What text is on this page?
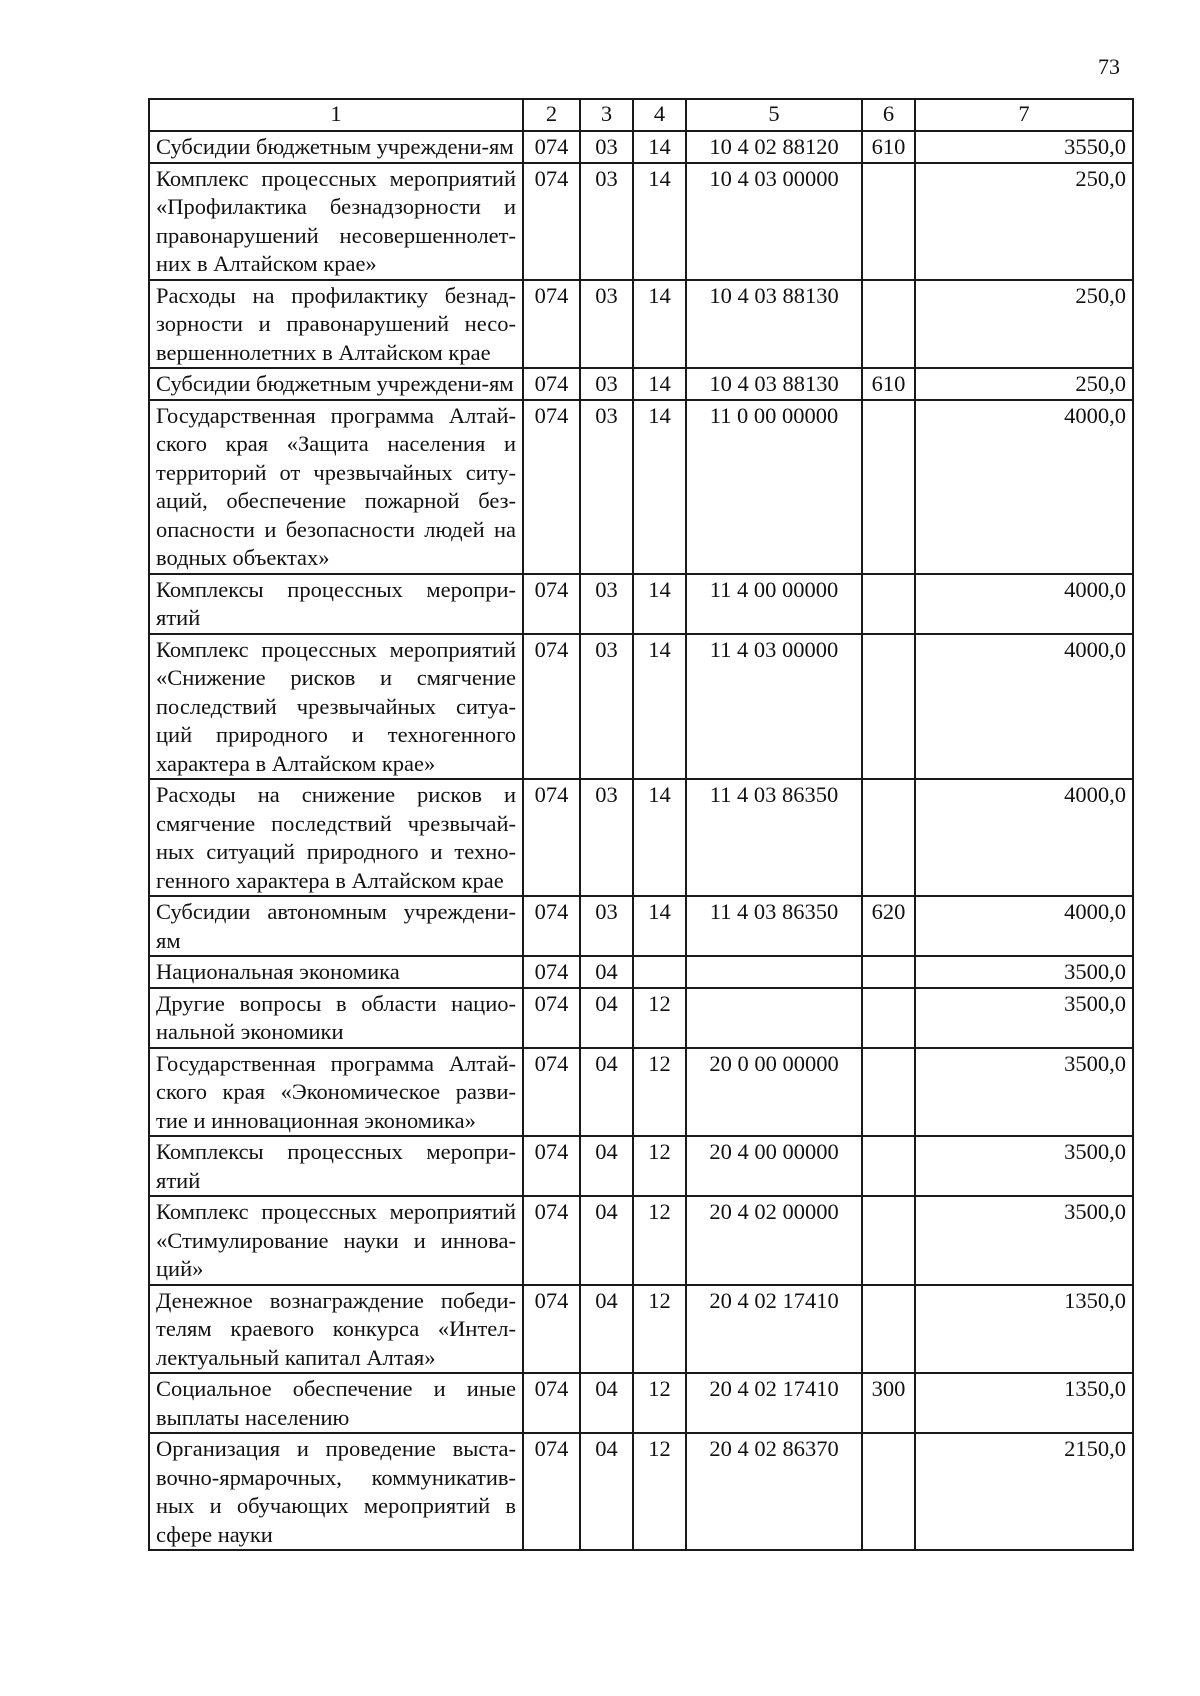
73
1	2	3	4	5	6	7
Субсидии бюджетным учреждени-ям	074	03	14	10 4 02 88120	610	3550,0
Комплекс процессных мероприятий «Профилактика безнадзорности и правонарушений несовершеннолет-них в Алтайском крае»	074	03	14	10 4 03 00000		250,0
Расходы на профилактику безнад-зорности и правонарушений несо-вершеннолетних в Алтайском крае	074	03	14	10 4 03 88130		250,0
Субсидии бюджетным учреждени-ям	074	03	14	10 4 03 88130	610	250,0
Государственная программа Алтай-ского края «Защита населения и территорий от чрезвычайных ситу-аций, обеспечение пожарной без-опасности и безопасности людей на водных объектах»	074	03	14	11 0 00 00000		4000,0
Комплексы процессных меропри-ятий	074	03	14	11 4 00 00000		4000,0
Комплекс процессных мероприятий «Снижение рисков и смягчение последствий чрезвычайных ситуа-ций природного и техногенного характера в Алтайском крае»	074	03	14	11 4 03 00000		4000,0
Расходы на снижение рисков и смягчение последствий чрезвычай-ных ситуаций природного и техно-генного характера в Алтайском крае	074	03	14	11 4 03 86350		4000,0
Субсидии автономным учреждени-ям	074	03	14	11 4 03 86350	620	4000,0
Национальная экономика	074	04				3500,0
Другие вопросы в области нацио-нальной экономики	074	04	12			3500,0
Государственная программа Алтай-ского края «Экономическое разви-тие и инновационная экономика»	074	04	12	20 0 00 00000		3500,0
Комплексы процессных меропри-ятий	074	04	12	20 4 00 00000		3500,0
Комплекс процессных мероприятий «Стимулирование науки и иннова-ций»	074	04	12	20 4 02 00000		3500,0
Денежное вознаграждение победи-телям краевого конкурса «Интел-лектуальный капитал Алтая»	074	04	12	20 4 02 17410		1350,0
Социальное обеспечение и иные выплаты населению	074	04	12	20 4 02 17410	300	1350,0
Организация и проведение выста-вочно-ярмарочных, коммуникатив-ных и обучающих мероприятий в сфере науки	074	04	12	20 4 02 86370		2150,0
